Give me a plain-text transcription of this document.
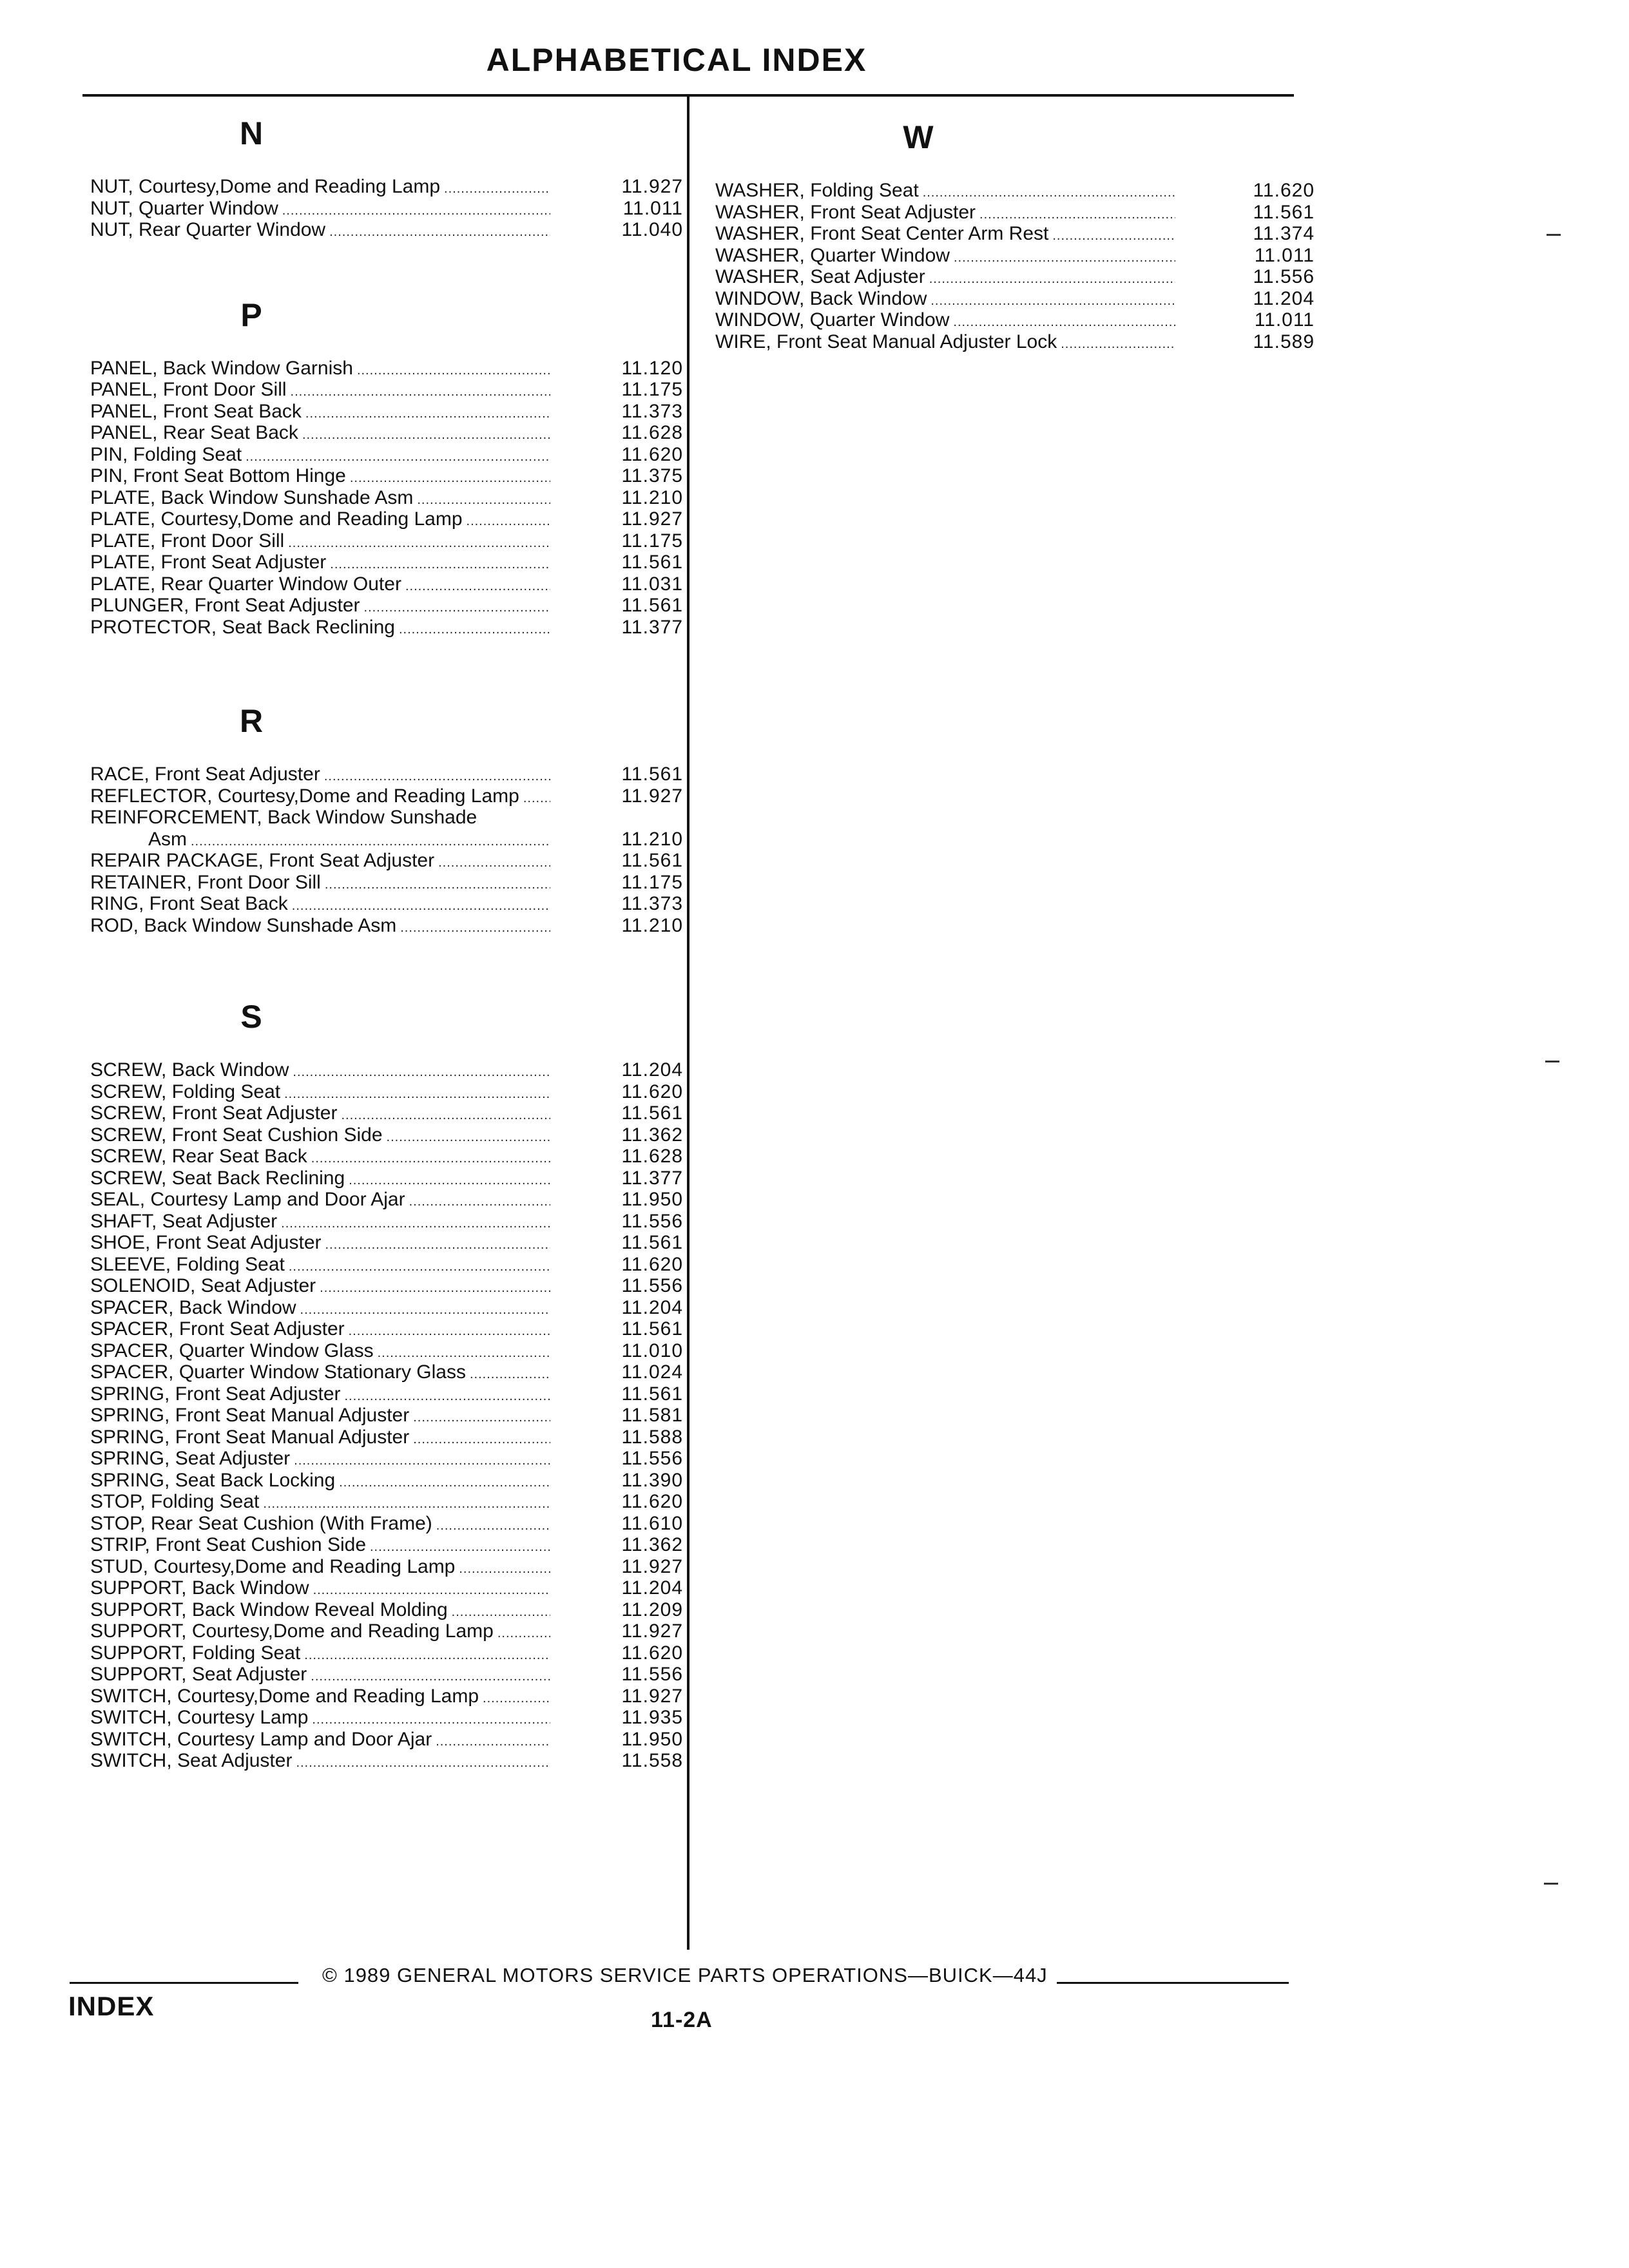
ALPHABETICAL INDEX
N
NUT, Courtesy,Dome and Reading Lamp .....	11.927
NUT, Quarter Window .....	11.011
NUT, Rear Quarter Window .....	11.040
P
PANEL, Back Window Garnish .....	11.120
PANEL, Front Door Sill .....	11.175
PANEL, Front Seat Back .....	11.373
PANEL, Rear Seat Back .....	11.628
PIN, Folding Seat .....	11.620
PIN, Front Seat Bottom Hinge .....	11.375
PLATE, Back Window Sunshade Asm .....	11.210
PLATE, Courtesy,Dome and Reading Lamp .....	11.927
PLATE, Front Door Sill .....	11.175
PLATE, Front Seat Adjuster .....	11.561
PLATE, Rear Quarter Window Outer .....	11.031
PLUNGER, Front Seat Adjuster .....	11.561
PROTECTOR, Seat Back Reclining .....	11.377
R
RACE, Front Seat Adjuster .....	11.561
REFLECTOR, Courtesy,Dome and Reading Lamp .....	11.927
REINFORCEMENT, Back Window Sunshade
Asm .....	11.210
REPAIR PACKAGE, Front Seat Adjuster .....	11.561
RETAINER, Front Door Sill .....	11.175
RING, Front Seat Back .....	11.373
ROD, Back Window Sunshade Asm .....	11.210
S
SCREW, Back Window .....	11.204
SCREW, Folding Seat .....	11.620
SCREW, Front Seat Adjuster .....	11.561
SCREW, Front Seat Cushion Side .....	11.362
SCREW, Rear Seat Back .....	11.628
SCREW, Seat Back Reclining .....	11.377
SEAL, Courtesy Lamp and Door Ajar .....	11.950
SHAFT, Seat Adjuster .....	11.556
SHOE, Front Seat Adjuster .....	11.561
SLEEVE, Folding Seat .....	11.620
SOLENOID, Seat Adjuster .....	11.556
SPACER, Back Window .....	11.204
SPACER, Front Seat Adjuster .....	11.561
SPACER, Quarter Window Glass .....	11.010
SPACER, Quarter Window Stationary Glass .....	11.024
SPRING, Front Seat Adjuster .....	11.561
SPRING, Front Seat Manual Adjuster .....	11.581
SPRING, Front Seat Manual Adjuster .....	11.588
SPRING, Seat Adjuster .....	11.556
SPRING, Seat Back Locking .....	11.390
STOP, Folding Seat .....	11.620
STOP, Rear Seat Cushion (With Frame) .....	11.610
STRIP, Front Seat Cushion Side .....	11.362
STUD, Courtesy,Dome and Reading Lamp .....	11.927
SUPPORT, Back Window .....	11.204
SUPPORT, Back Window Reveal Molding .....	11.209
SUPPORT, Courtesy,Dome and Reading Lamp .....	11.927
SUPPORT, Folding Seat .....	11.620
SUPPORT, Seat Adjuster .....	11.556
SWITCH, Courtesy,Dome and Reading Lamp .....	11.927
SWITCH, Courtesy Lamp .....	11.935
SWITCH, Courtesy Lamp and Door Ajar .....	11.950
SWITCH, Seat Adjuster .....	11.558
W
WASHER, Folding Seat .....	11.620
WASHER, Front Seat Adjuster .....	11.561
WASHER, Front Seat Center Arm Rest .....	11.374
WASHER, Quarter Window .....	11.011
WASHER, Seat Adjuster .....	11.556
WINDOW, Back Window .....	11.204
WINDOW, Quarter Window .....	11.011
WIRE, Front Seat Manual Adjuster Lock .....	11.589
© 1989 GENERAL MOTORS SERVICE PARTS OPERATIONS—BUICK—44J
INDEX	11-2A
